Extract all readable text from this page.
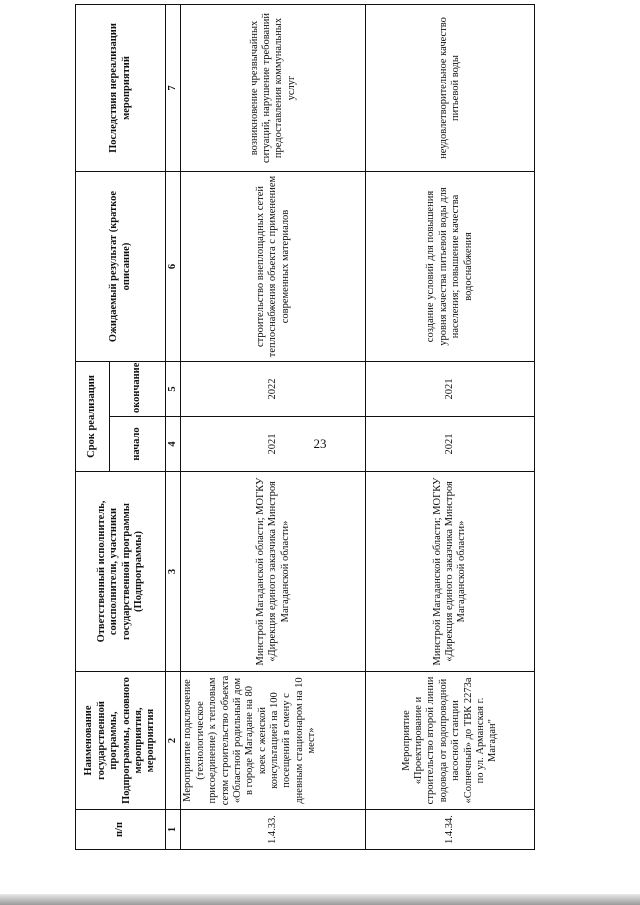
23
п/п	Наименование государственной программы, Подпрограммы, основного мероприятия, мероприятия	Ответственный исполнитель, соисполнители, участники государственной программы (Подпрограммы)	Срок реализации		Ожидаемый результат (краткое описание)	Последствия нереализации мероприятий
			начало	окончание		
1	2	3	4	5	6	7
1.4.33.	Мероприятие подключение (технологическое присоединение) к тепловым сетям строительство объекта «Областной родильный дом в городе Магадане на 80 коек с женской консультацией на 100 посещений в смену с дневным стационаром на 10 мест»	Минстрой Магаданской области; МОГКУ «Дирекция единого заказчика Минстроя Магаданской области»	2021	2022	строительство внеплощадных сетей теплоснабжения объекта с применением современных материалов	возникновение чрезвычайных ситуаций, нарушение требований предоставления коммунальных услуг
1.4.34.	Мероприятие «Проектирование и строительство второй линии водовода от водопроводной насосной станции «Солнечный» до ТВК 2273а по ул. Арманская г. Магадан"	Минстрой Магаданской области; МОГКУ «Дирекция единого заказчика Минстроя Магаданской области»	2021	2021	создание условий для повышения уровня качества питьевой воды для населения; повышение качества водоснабжения	неудовлетворительное качество питьевой воды
